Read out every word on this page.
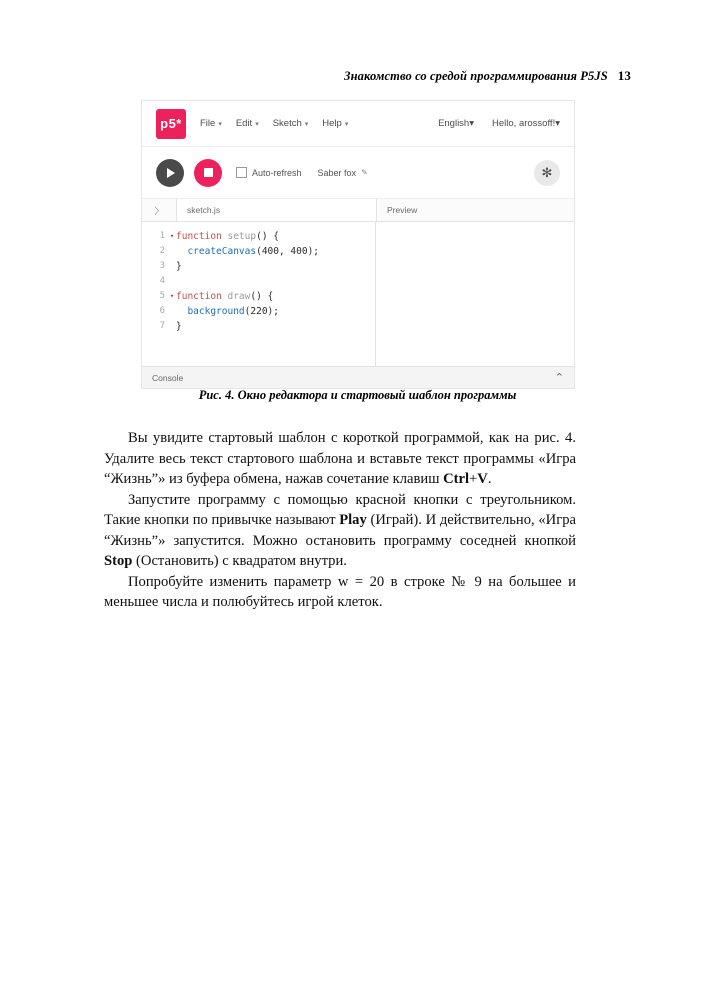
Знакомство со средой программирования P5JS 13
p5*	File ▾ Edit ▾ Sketch ▾ Help ▾	English▾ Hello, arossoff!▾
Auto-refresh Saber fox ✎	✻
〉	sketch.js	Preview
1 ▾ function setup () {
2
	createCanvas (400, 400);
3	}
4
5 ▾ function draw () {
6
	background (220);
7	}
Console	⌃
Рис. 4. Окно редактора и стартовый шаблон программы

Вы увидите стартовый шаблон с короткой программой, как на рис. 4. Удалите весь текст стартового шаблона и вставьте текст программы «Игра “Жизнь”» из буфера обмена, нажав сочетание клавиш Ctrl+V.

Запустите программу с помощью красной кнопки с треугольником. Такие кнопки по привычке называют Play (Играй). И действительно, «Игра “Жизнь”» запустится. Можно остановить программу соседней кнопкой Stop (Остановить) с квадратом внутри.

Попробуйте изменить параметр w = 20 в строке № 9 на большее и меньшее числа и полюбуйтесь игрой клеток.
